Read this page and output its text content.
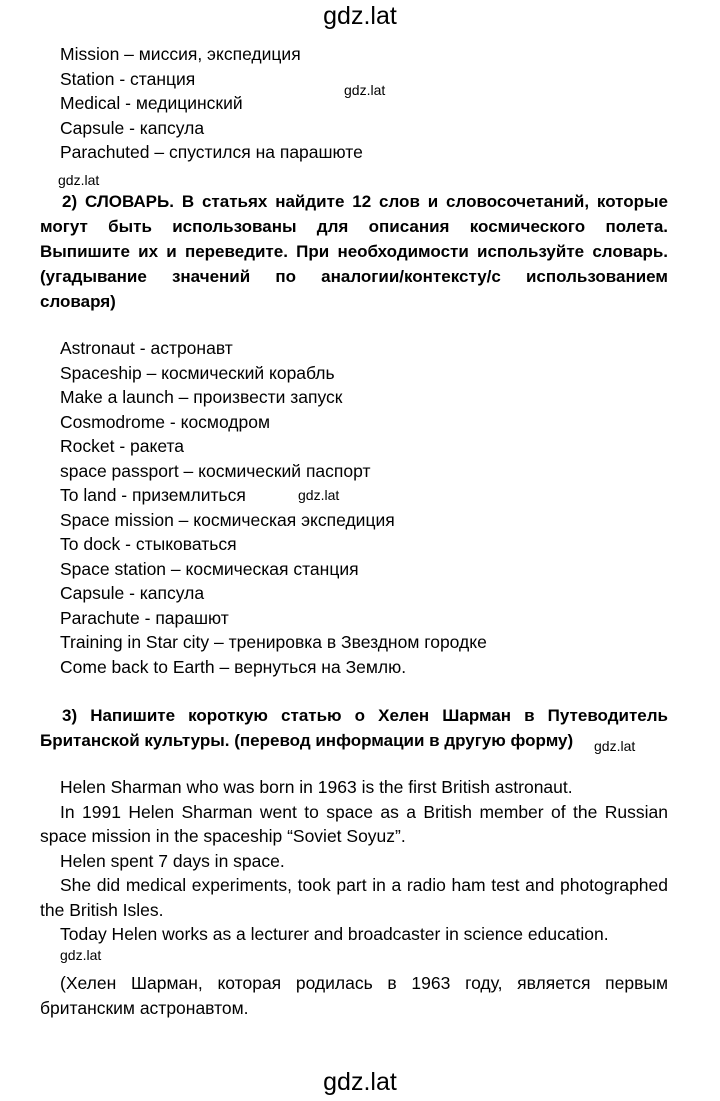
gdz.lat
Mission – миссия, экспедиция
Station - станция
Medical - медицинский
Capsule - капсула
Parachuted – спустился на парашюте
gdz.lat
gdz.lat
2) СЛОВАРЬ. В статьях найдите 12 слов и словосочетаний, которые
могут быть использованы для описания космического полета.
Выпишите их и переведите. При необходимости используйте словарь.
(угадывание значений по аналогии/контексту/с использованием
словаря)
Astronaut - астронавт
Spaceship – космический корабль
Make a launch – произвести запуск
Cosmodrome - космодром
Rocket - ракета
space passport – космический паспорт
To land - приземлиться
Space mission – космическая экспедиция
To dock - стыковаться
Space station – космическая станция
Capsule - капсула
Parachute - парашют
Training in Star city – тренировка в Звездном городке
Come back to Earth – вернуться на Землю.
gdz.lat
3) Напишите короткую статью о Хелен Шарман в Путеводитель
Британской культуры. (перевод информации в другую форму)	gdz.lat

Helen Sharman who was born in 1963 is the first British astronaut.

In 1991 Helen Sharman went to space as a British member of the Russian space mission in the spaceship “Soviet Soyuz”.

Helen spent 7 days in space.

She did medical experiments, took part in a radio ham test and photographed the British Isles.

Today Helen works as a lecturer and broadcaster in science education.

gdz.lat

(Хелен Шарман, которая родилась в 1963 году, является первым британским астронавтом.

gdz.lat
